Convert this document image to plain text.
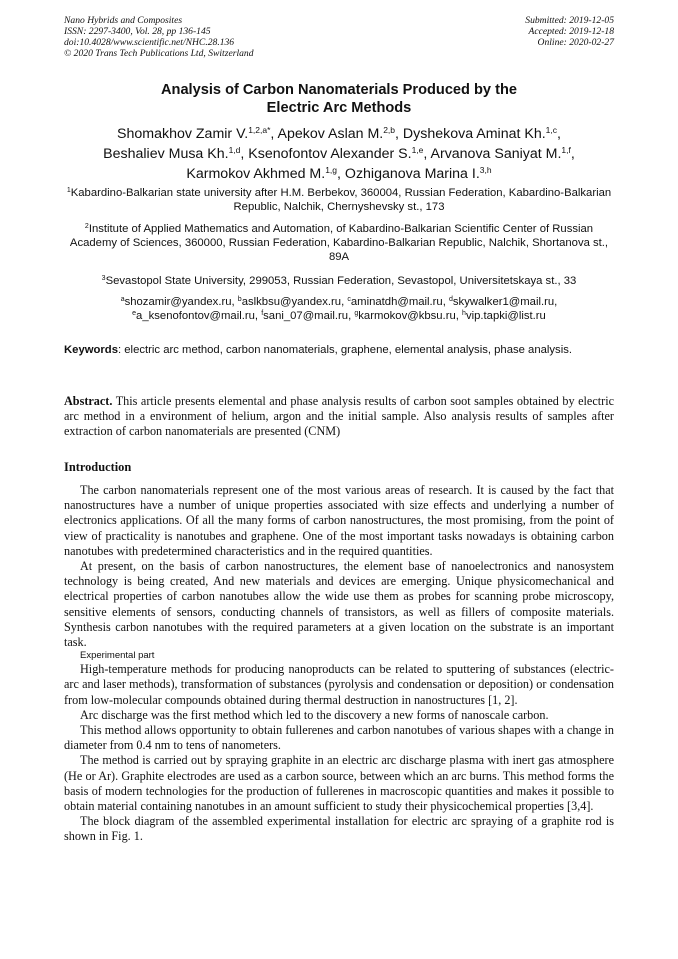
Nano Hybrids and Composites
ISSN: 2297-3400, Vol. 28, pp 136-145
doi:10.4028/www.scientific.net/NHC.28.136
© 2020 Trans Tech Publications Ltd, Switzerland
Submitted: 2019-12-05
Accepted: 2019-12-18
Online: 2020-02-27
Analysis of Carbon Nanomaterials Produced by the
Electric Arc Methods
Shomakhov Zamir V.$^{1,2,a*}$, Apekov Aslan M.$^{2,b}$, Dyshekova Aminat Kh.$^{1,c}$,
Beshaliev Musa Kh.$^{1,d}$, Ksenofontov Alexander S.$^{1,e}$, Arvanova Saniyat M.$^{1,f}$,
Karmokov Akhmed M.$^{1,g}$, Ozhiganova Marina I.$^{3,h}$
$^1$Kabardino-Balkarian state university after H.M. Berbekov, 360004, Russian Federation, Kabardino-Balkarian Republic, Nalchik, Chernyshevsky st., 173
$^2$Institute of Applied Mathematics and Automation, of Kabardino-Balkarian Scientific Center of Russian Academy of Sciences, 360000, Russian Federation, Kabardino-Balkarian Republic, Nalchik, Shortanova st., 89A
$^3$Sevastopol State University, 299053, Russian Federation, Sevastopol, Universitetskaya st., 33
$^a$shozamir@yandex.ru, $^b$aslkbsu@yandex.ru, $^c$aminatdh@mail.ru, $^d$skywalker1@mail.ru,
$^e$a_ksenofontov@mail.ru, $^f$sani_07@mail.ru, $^g$karmokov@kbsu.ru, $^h$vip.tapki@list.ru
Keywords: electric arc method, carbon nanomaterials, graphene, elemental analysis, phase analysis.
Abstract. This article presents elemental and phase analysis results of carbon soot samples obtained by electric arc method in a environment of helium, argon and the initial sample. Also analysis results of samples after extraction of carbon nanomaterials are presented (CNM)
Introduction

The carbon nanomaterials represent one of the most various areas of research. It is caused by the fact that nanostructures have a number of unique properties associated with size effects and underlying a number of electronics applications. Of all the many forms of carbon nanostructures, the most promising, from the point of view of practicality is nanotubes and graphene. One of the most important tasks nowadays is obtaining carbon nanotubes with predetermined characteristics and in the required quantities.

At present, on the basis of carbon nanostructures, the element base of nanoelectronics and nanosystem technology is being created, And new materials and devices are emerging. Unique physicomechanical and electrical properties of carbon nanotubes allow the wide use them as probes for scanning probe microscopy, sensitive elements of sensors, conducting channels of transistors, as well as fillers of composite materials. Synthesis carbon nanotubes with the required parameters at a given location on the substrate is an important task.

Experimental part

High-temperature methods for producing nanoproducts can be related to sputtering of substances (electric-arc and laser methods), transformation of substances (pyrolysis and condensation or deposition) or condensation from low-molecular compounds obtained during thermal destruction in nanostructures [1, 2].

Arc discharge was the first method which led to the discovery a new forms of nanoscale carbon.

This method allows opportunity to obtain fullerenes and carbon nanotubes of various shapes with a change in diameter from 0.4 nm to tens of nanometers.

The method is carried out by spraying graphite in an electric arc discharge plasma with inert gas atmosphere (He or Ar). Graphite electrodes are used as a carbon source, between which an arc burns. This method forms the basis of modern technologies for the production of fullerenes in macroscopic quantities and makes it possible to obtain material containing nanotubes in an amount sufficient to study their physicochemical properties [3,4].

The block diagram of the assembled experimental installation for electric arc spraying of a graphite rod is shown in Fig. 1.
